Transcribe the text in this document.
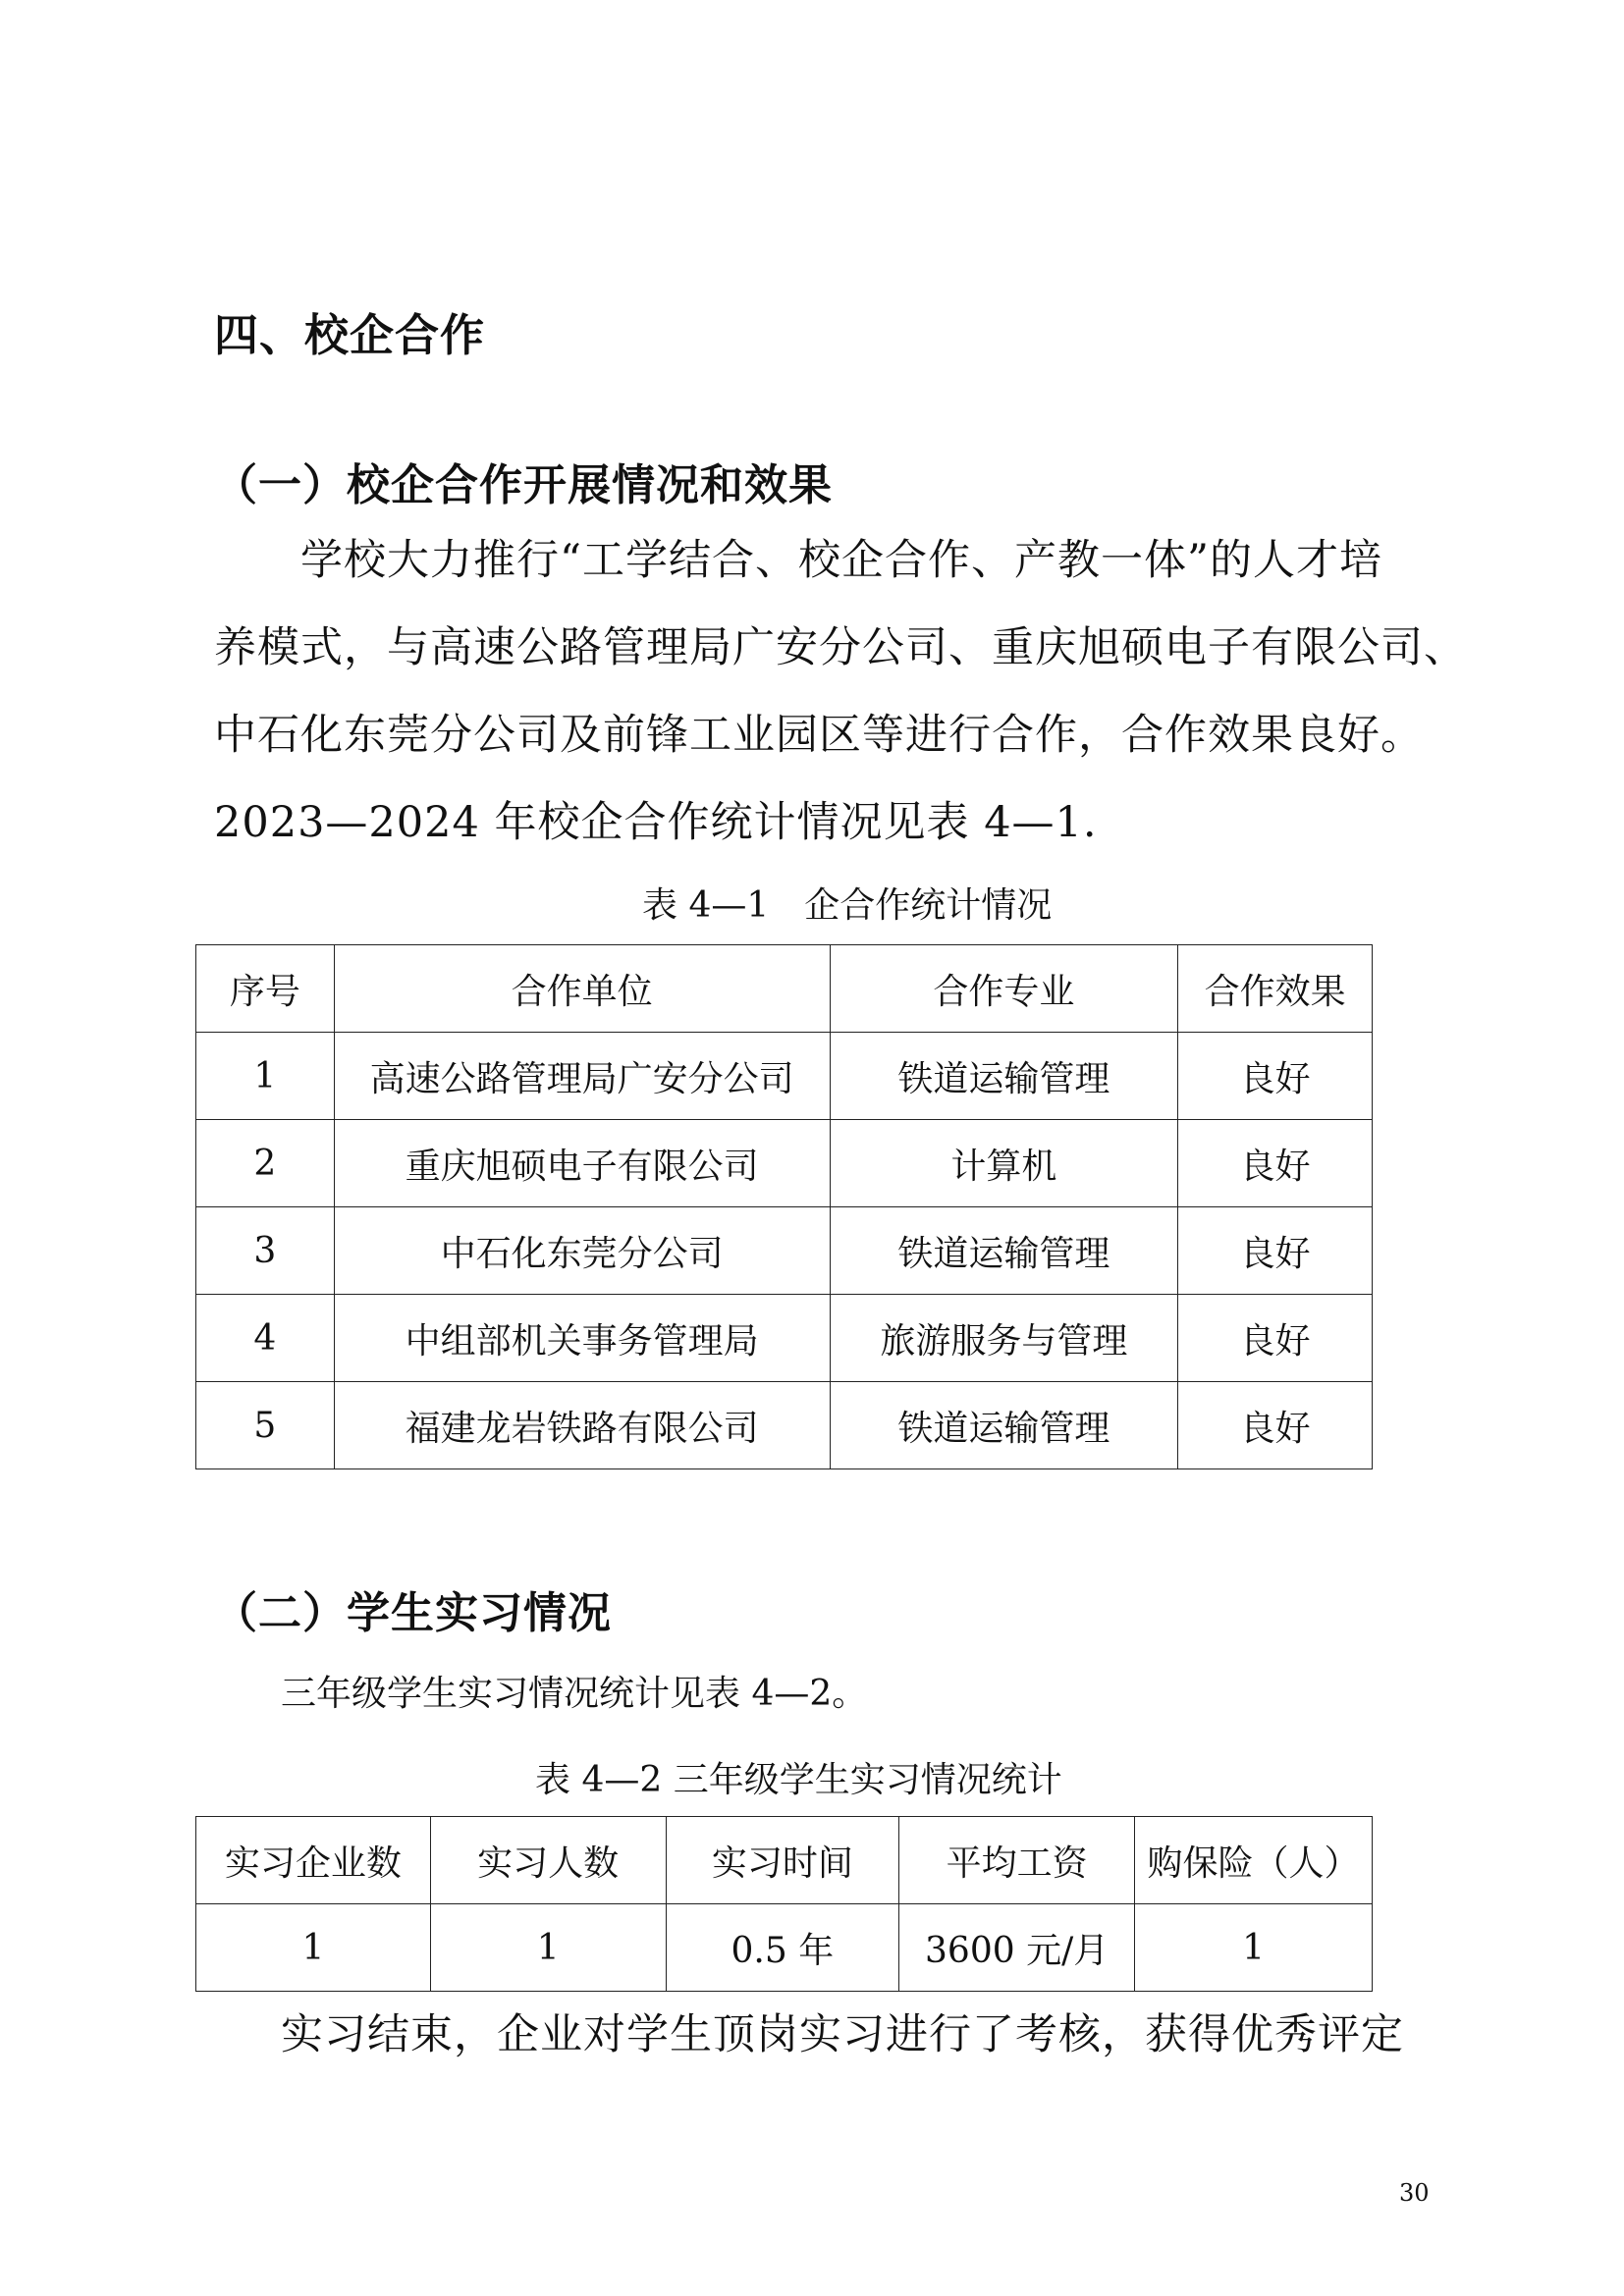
四、校企合作
（一）校企合作开展情况和效果
学校大力推行“工学结合、校企合作、产教一体”的人才培
养模式，与高速公路管理局广安分公司、重庆旭硕电子有限公司、
中石化东莞分公司及前锋工业园区等进行合作，合作效果良好。
2023—2024 年校企合作统计情况见表 4—1.
表 4—1　企合作统计情况
序号	合作单位	合作专业	合作效果
1	高速公路管理局广安分公司	铁道运输管理	良好
2	重庆旭硕电子有限公司	计算机	良好
3	中石化东莞分公司	铁道运输管理	良好
4	中组部机关事务管理局	旅游服务与管理	良好
5	福建龙岩铁路有限公司	铁道运输管理	良好
（二）学生实习情况
三年级学生实习情况统计见表 4—2。
表 4—2 三年级学生实习情况统计
实习企业数	实习人数	实习时间	平均工资	购保险（人）
1	1	0.5 年	3600 元/月	1
实习结束，企业对学生顶岗实习进行了考核，获得优秀评定
30
